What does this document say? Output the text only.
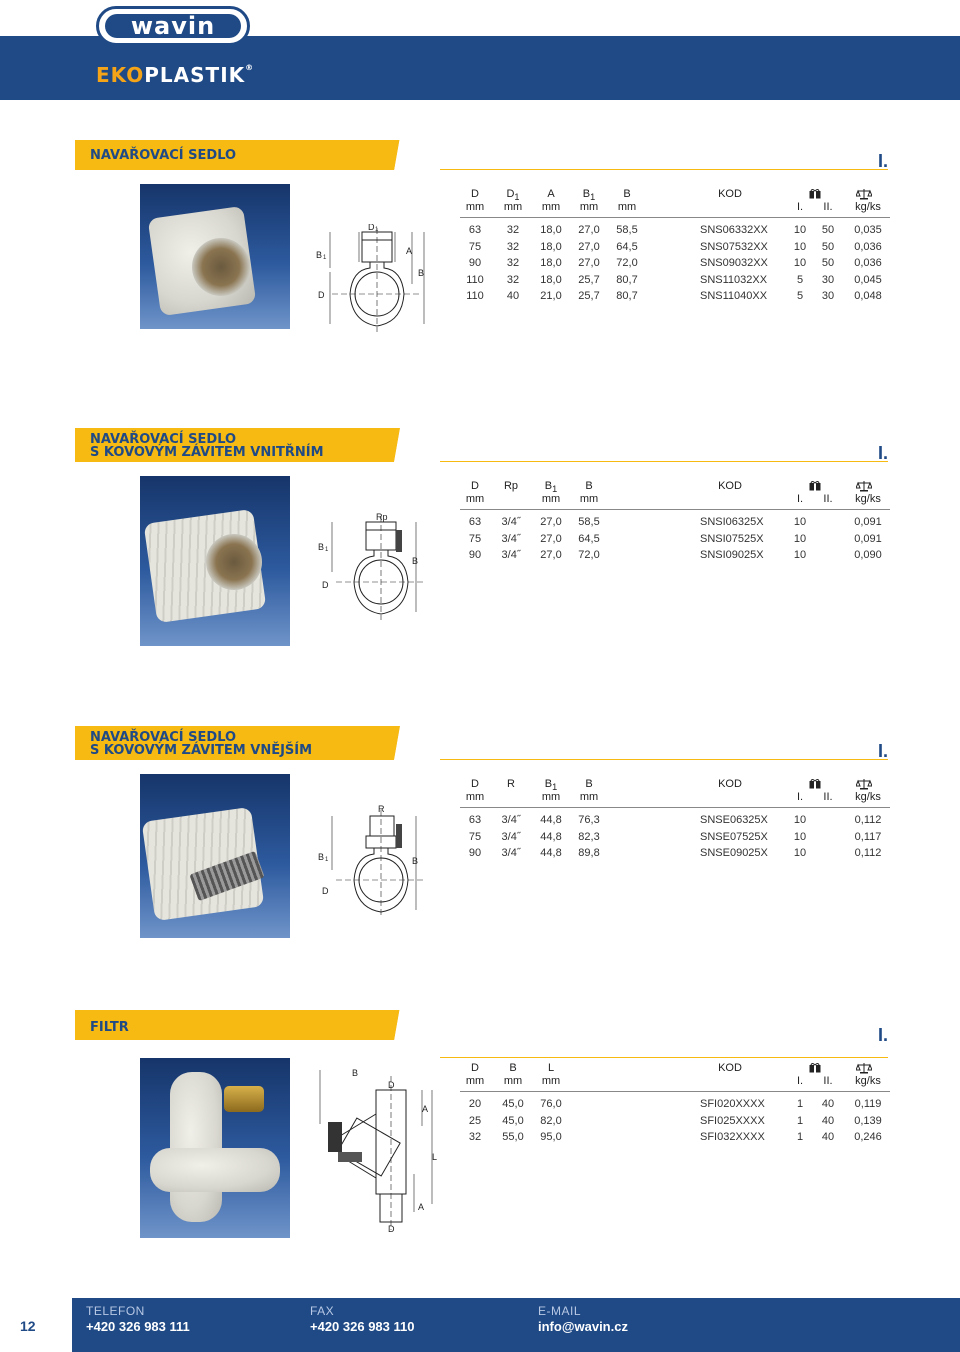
wavin
EKOPLASTIK®
NAVAŘOVACÍ SEDLO	I.
D 1
B 1
A
B
D
D	$D_1$	A	$B_1$	B	KOD
mm	mm	mm	mm	mm	I.	II.	kg/ks
63	32	18,0	27,0	58,5	SNS06332XX	10	50	0,035
75	32	18,0	27,0	64,5	SNS07532XX	10	50	0,036
90	32	18,0	27,0	72,0	SNS09032XX	10	50	0,036
110	32	18,0	25,7	80,7	SNS11032XX	5	30	0,045
110	40	21,0	25,7	80,7	SNS11040XX	5	30	0,048
NAVAŘOVACÍ SEDLO
S KOVOVÝM ZÁVITEM VNITŘNÍM	I.
Rp
B 1
B
D
D	Rp	$B_1$	B	KOD
mm	mm	mm	I.	II.	kg/ks
63	3/4˝	27,0	58,5	SNSI06325X	10	0,091
75	3/4˝	27,0	64,5	SNSI07525X	10	0,091
90	3/4˝	27,0	72,0	SNSI09025X	10	0,090
NAVAŘOVACÍ SEDLO
S KOVOVÝM ZÁVITEM VNĚJŠÍM	I.
R
B 1	B
D
D	R	$B_1$	B	KOD
mm	mm	mm	I.	II.	kg/ks
63	3/4˝	44,8	76,3	SNSE06325X	10	0,112
75	3/4˝	44,8	82,3	SNSE07525X	10	0,117
90	3/4˝	44,8	89,8	SNSE09025X	10	0,112
FILTR	I.
B
D
A
L
D
A
D	B	L	KOD
mm	mm	mm	I.	II.	kg/ks
20	45,0	76,0	SFI020XXXX	1	40	0,119
25	45,0	82,0	SFI025XXXX	1	40	0,139
32	55,0	95,0	SFI032XXXX	1	40	0,246
12
TELEFON
+420 326 983 111
FAX
+420 326 983 110
E-MAIL
info@wavin.cz
